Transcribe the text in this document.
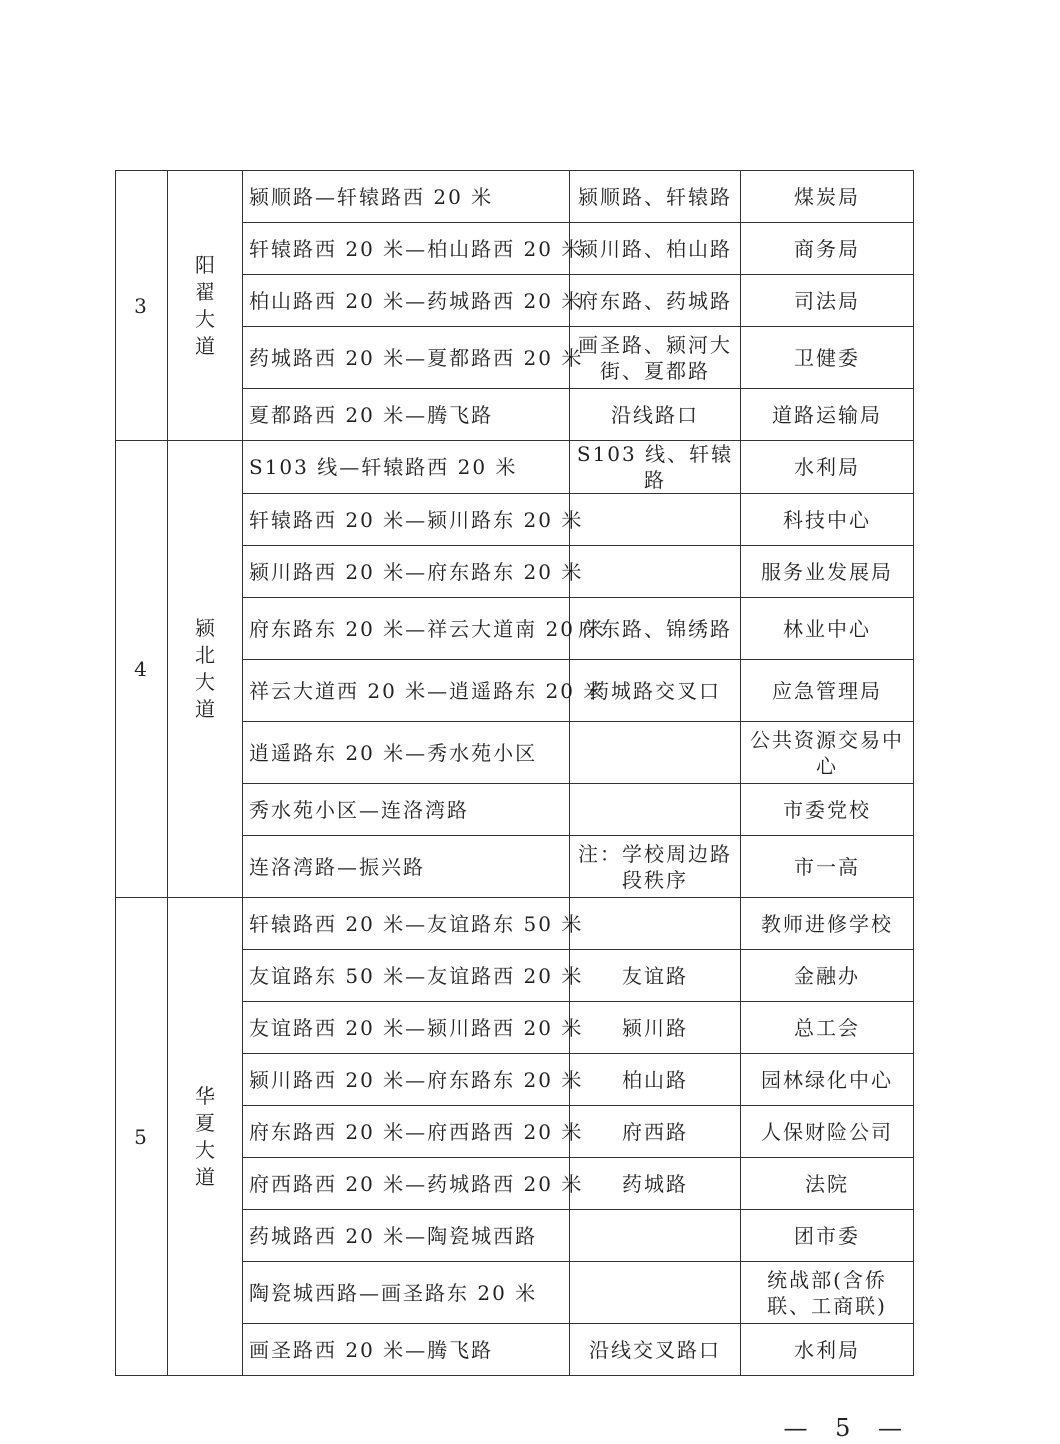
3	阳翟大道	颍顺路—轩辕路西 20 米	颍顺路、轩辕路	煤炭局
		轩辕路西 20 米—柏山路西 20 米	颍川路、柏山路	商务局
		柏山路西 20 米—药城路西 20 米	府东路、药城路	司法局
		药城路西 20 米—夏都路西 20 米	画圣路、颍河大街、夏都路	卫健委
		夏都路西 20 米—腾飞路	沿线路口	道路运输局
4	颍北大道	S103 线—轩辕路西 20 米	S103 线、轩辕路	水利局
		轩辕路西 20 米—颍川路东 20 米		科技中心
		颍川路西 20 米—府东路东 20 米		服务业发展局
		府东路东 20 米—祥云大道南 20 米	府东路、锦绣路	林业中心
		祥云大道西 20 米—逍遥路东 20 米	药城路交叉口	应急管理局
		逍遥路东 20 米—秀水苑小区		公共资源交易中心
		秀水苑小区—连洛湾路		市委党校
		连洛湾路—振兴路	注：学校周边路段秩序	市一高
5	华夏大道	轩辕路西 20 米—友谊路东 50 米		教师进修学校
		友谊路东 50 米—友谊路西 20 米	友谊路	金融办
		友谊路西 20 米—颍川路西 20 米	颍川路	总工会
		颍川路西 20 米—府东路东 20 米	柏山路	园林绿化中心
		府东路西 20 米—府西路西 20 米	府西路	人保财险公司
		府西路西 20 米—药城路西 20 米	药城路	法院
		药城路西 20 米—陶瓷城西路		团市委
		陶瓷城西路—画圣路东 20 米		统战部(含侨联、工商联)
		画圣路西 20 米—腾飞路	沿线交叉路口	水利局
— 5 —
